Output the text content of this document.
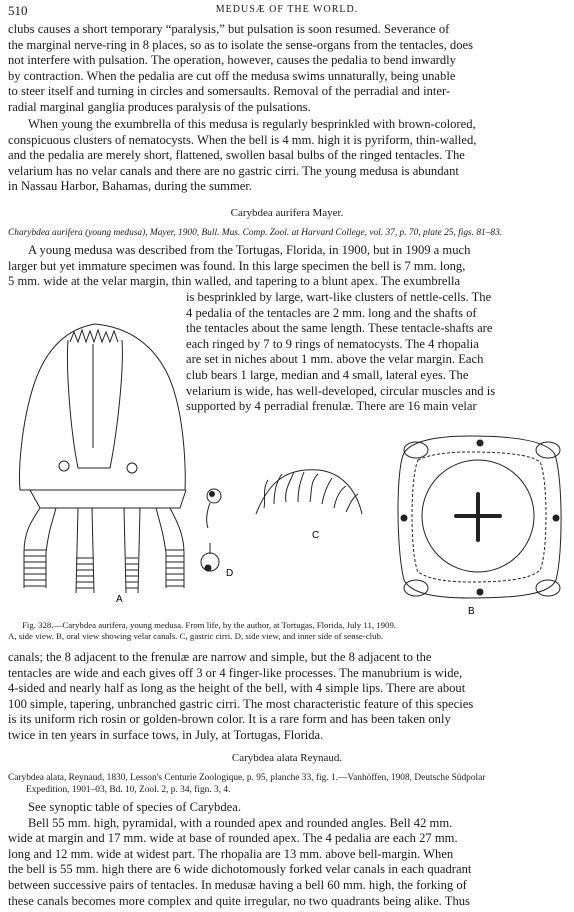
510	MEDUSÆ OF THE WORLD.

clubs causes a short temporary “paralysis,” but pulsation is soon resumed. Severance of
the marginal nerve-ring in 8 places, so as to isolate the sense-organs from the tentacles, does
not interfere with pulsation. The operation, however, causes the pedalia to bend inwardly
by contraction. When the pedalia are cut off the medusa swims unnaturally, being unable
to steer itself and turning in circles and somersaults. Removal of the perradial and inter-
radial marginal ganglia produces paralysis of the pulsations.

When young the exumbrella of this medusa is regularly besprinkled with brown-colored,
conspicuous clusters of nematocysts. When the bell is 4 mm. high it is pyriform, thin-walled,
and the pedalia are merely short, flattened, swollen basal bulbs of the ringed tentacles. The
velarium has no velar canals and there are no gastric cirri. The young medusa is abundant
in Nassau Harbor, Bahamas, during the summer.

Carybdea aurifera Mayer.

Charybdea aurifera (young medusa), Mayer, 1900, Bull. Mus. Comp. Zool. at Harvard College, vol. 37, p. 70, plate 25, figs. 81–83.

A young medusa was described from the Tortugas, Florida, in 1900, but in 1909 a much
larger but yet immature specimen was found. In this large specimen the bell is 7 mm. long,
5 mm. wide at the velar margin, thin walled, and tapering to a blunt apex. The exumbrella

is besprinkled by large, wart-like clusters of nettle-cells. The
4 pedalia of the tentacles are 2 mm. long and the shafts of
the tentacles about the same length. These tentacle-shafts are
each ringed by 7 to 9 rings of nematocysts. The 4 rhopalia
are set in niches about 1 mm. above the velar margin. Each
club bears 1 large, median and 4 small, lateral eyes. The
velarium is wide, has well-developed, circular muscles and is
supported by 4 perradial frenulæ. There are 16 main velar

A
B
C
D

Fig. 328.—Carybdea aurifera, young medusa. From life, by the author, at Tortugas, Florida, July 11, 1909.
A, side view. B, oral view showing velar canals. C, gastric cirri. D, side view, and inner side of sense-club.

canals; the 8 adjacent to the frenulæ are narrow and simple, but the 8 adjacent to the
tentacles are wide and each gives off 3 or 4 finger-like processes. The manubrium is wide,
4-sided and nearly half as long as the height of the bell, with 4 simple lips. There are about
100 simple, tapering, unbranched gastric cirri. The most characteristic feature of this species
is its uniform rich rosin or golden-brown color. It is a rare form and has been taken only
twice in ten years in surface tows, in July, at Tortugas, Florida.

Carybdea alata Reynaud.

Carybdea alata, Reynaud, 1830, Lesson's Centurie Zoologique, p. 95, planche 33, fig. 1.—Vanhöffen, 1908, Deutsche Südpolar
Expedition, 1901–03, Bd. 10, Zool. 2, p. 34, fign. 3, 4.

See synoptic table of species of Carybdea.
Bell 55 mm. high, pyramidal, with a rounded apex and rounded angles. Bell 42 mm.
wide at margin and 17 mm. wide at base of rounded apex. The 4 pedalia are each 27 mm.
long and 12 mm. wide at widest part. The rhopalia are 13 mm. above bell-margin. When
the bell is 55 mm. high there are 6 wide dichotomously forked velar canals in each quadrant
between successive pairs of tentacles. In medusæ having a bell 60 mm. high, the forking of
these canals becomes more complex and quite irregular, no two quadrants being alike. Thus
